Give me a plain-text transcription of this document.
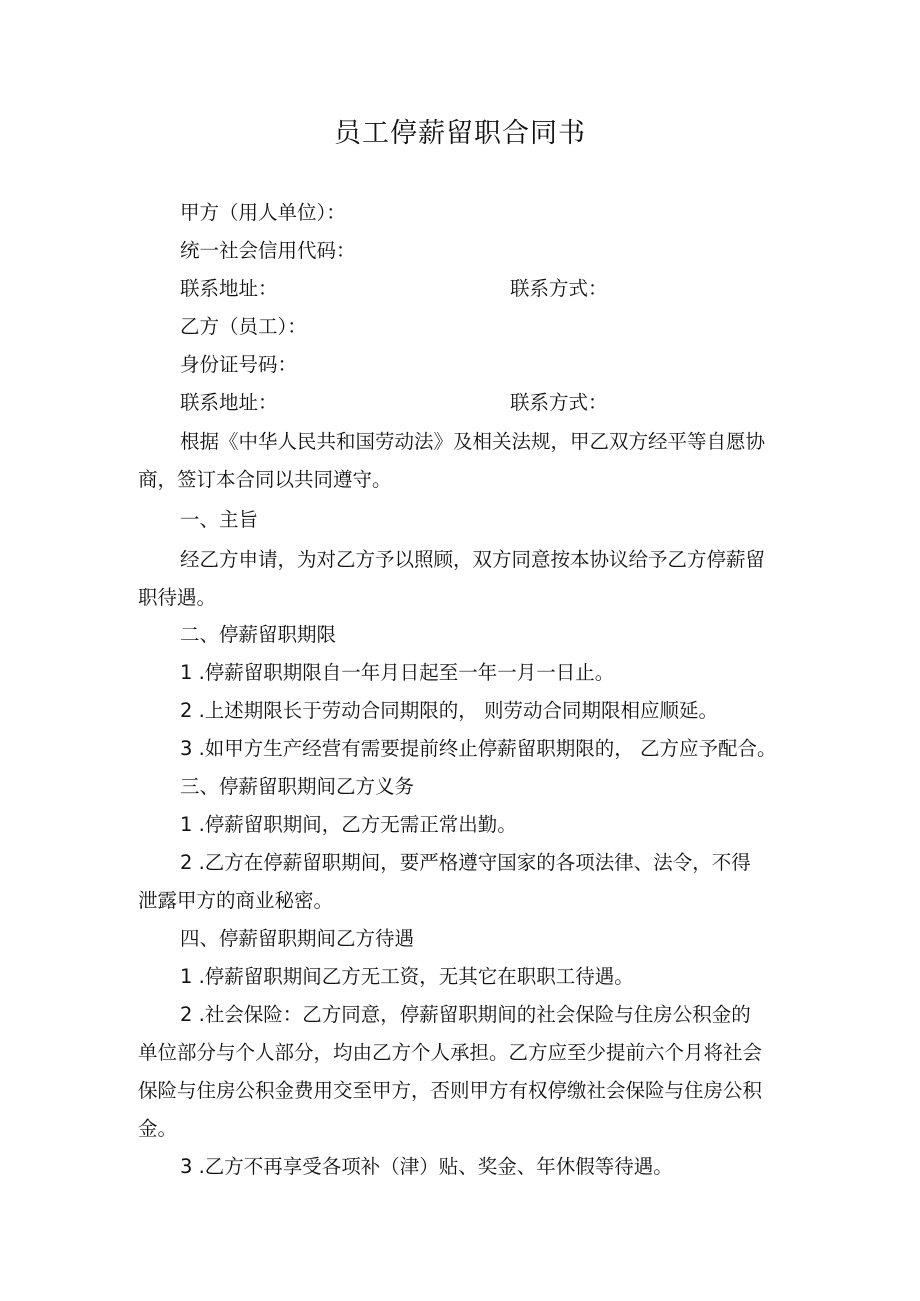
员工停薪留职合同书
甲方（用人单位）：
统一社会信用代码：
联系地址：	联系方式：
乙方（员工）：
身份证号码：
联系地址：	联系方式：
根据《中华人民共和国劳动法》及相关法规，甲乙双方经平等自愿协
商，签订本合同以共同遵守。
一、主旨
经乙方申请，为对乙方予以照顾，双方同意按本协议给予乙方停薪留
职待遇。
二、停薪留职期限
1 .停薪留职期限自一年月日起至一年一月一日止。
2 .上述期限长于劳动合同期限的， 则劳动合同期限相应顺延。
3 .如甲方生产经营有需要提前终止停薪留职期限的， 乙方应予配合。
三、停薪留职期间乙方义务
1 .停薪留职期间，乙方无需正常出勤。
2 .乙方在停薪留职期间，要严格遵守国家的各项法律、法令，不得
泄露甲方的商业秘密。
四、停薪留职期间乙方待遇
1 .停薪留职期间乙方无工资，无其它在职职工待遇。
2 .社会保险：乙方同意，停薪留职期间的社会保险与住房公积金的
单位部分与个人部分，均由乙方个人承担。乙方应至少提前六个月将社会
保险与住房公积金费用交至甲方，否则甲方有权停缴社会保险与住房公积
金。
3 .乙方不再享受各项补（津）贴、奖金、年休假等待遇。
